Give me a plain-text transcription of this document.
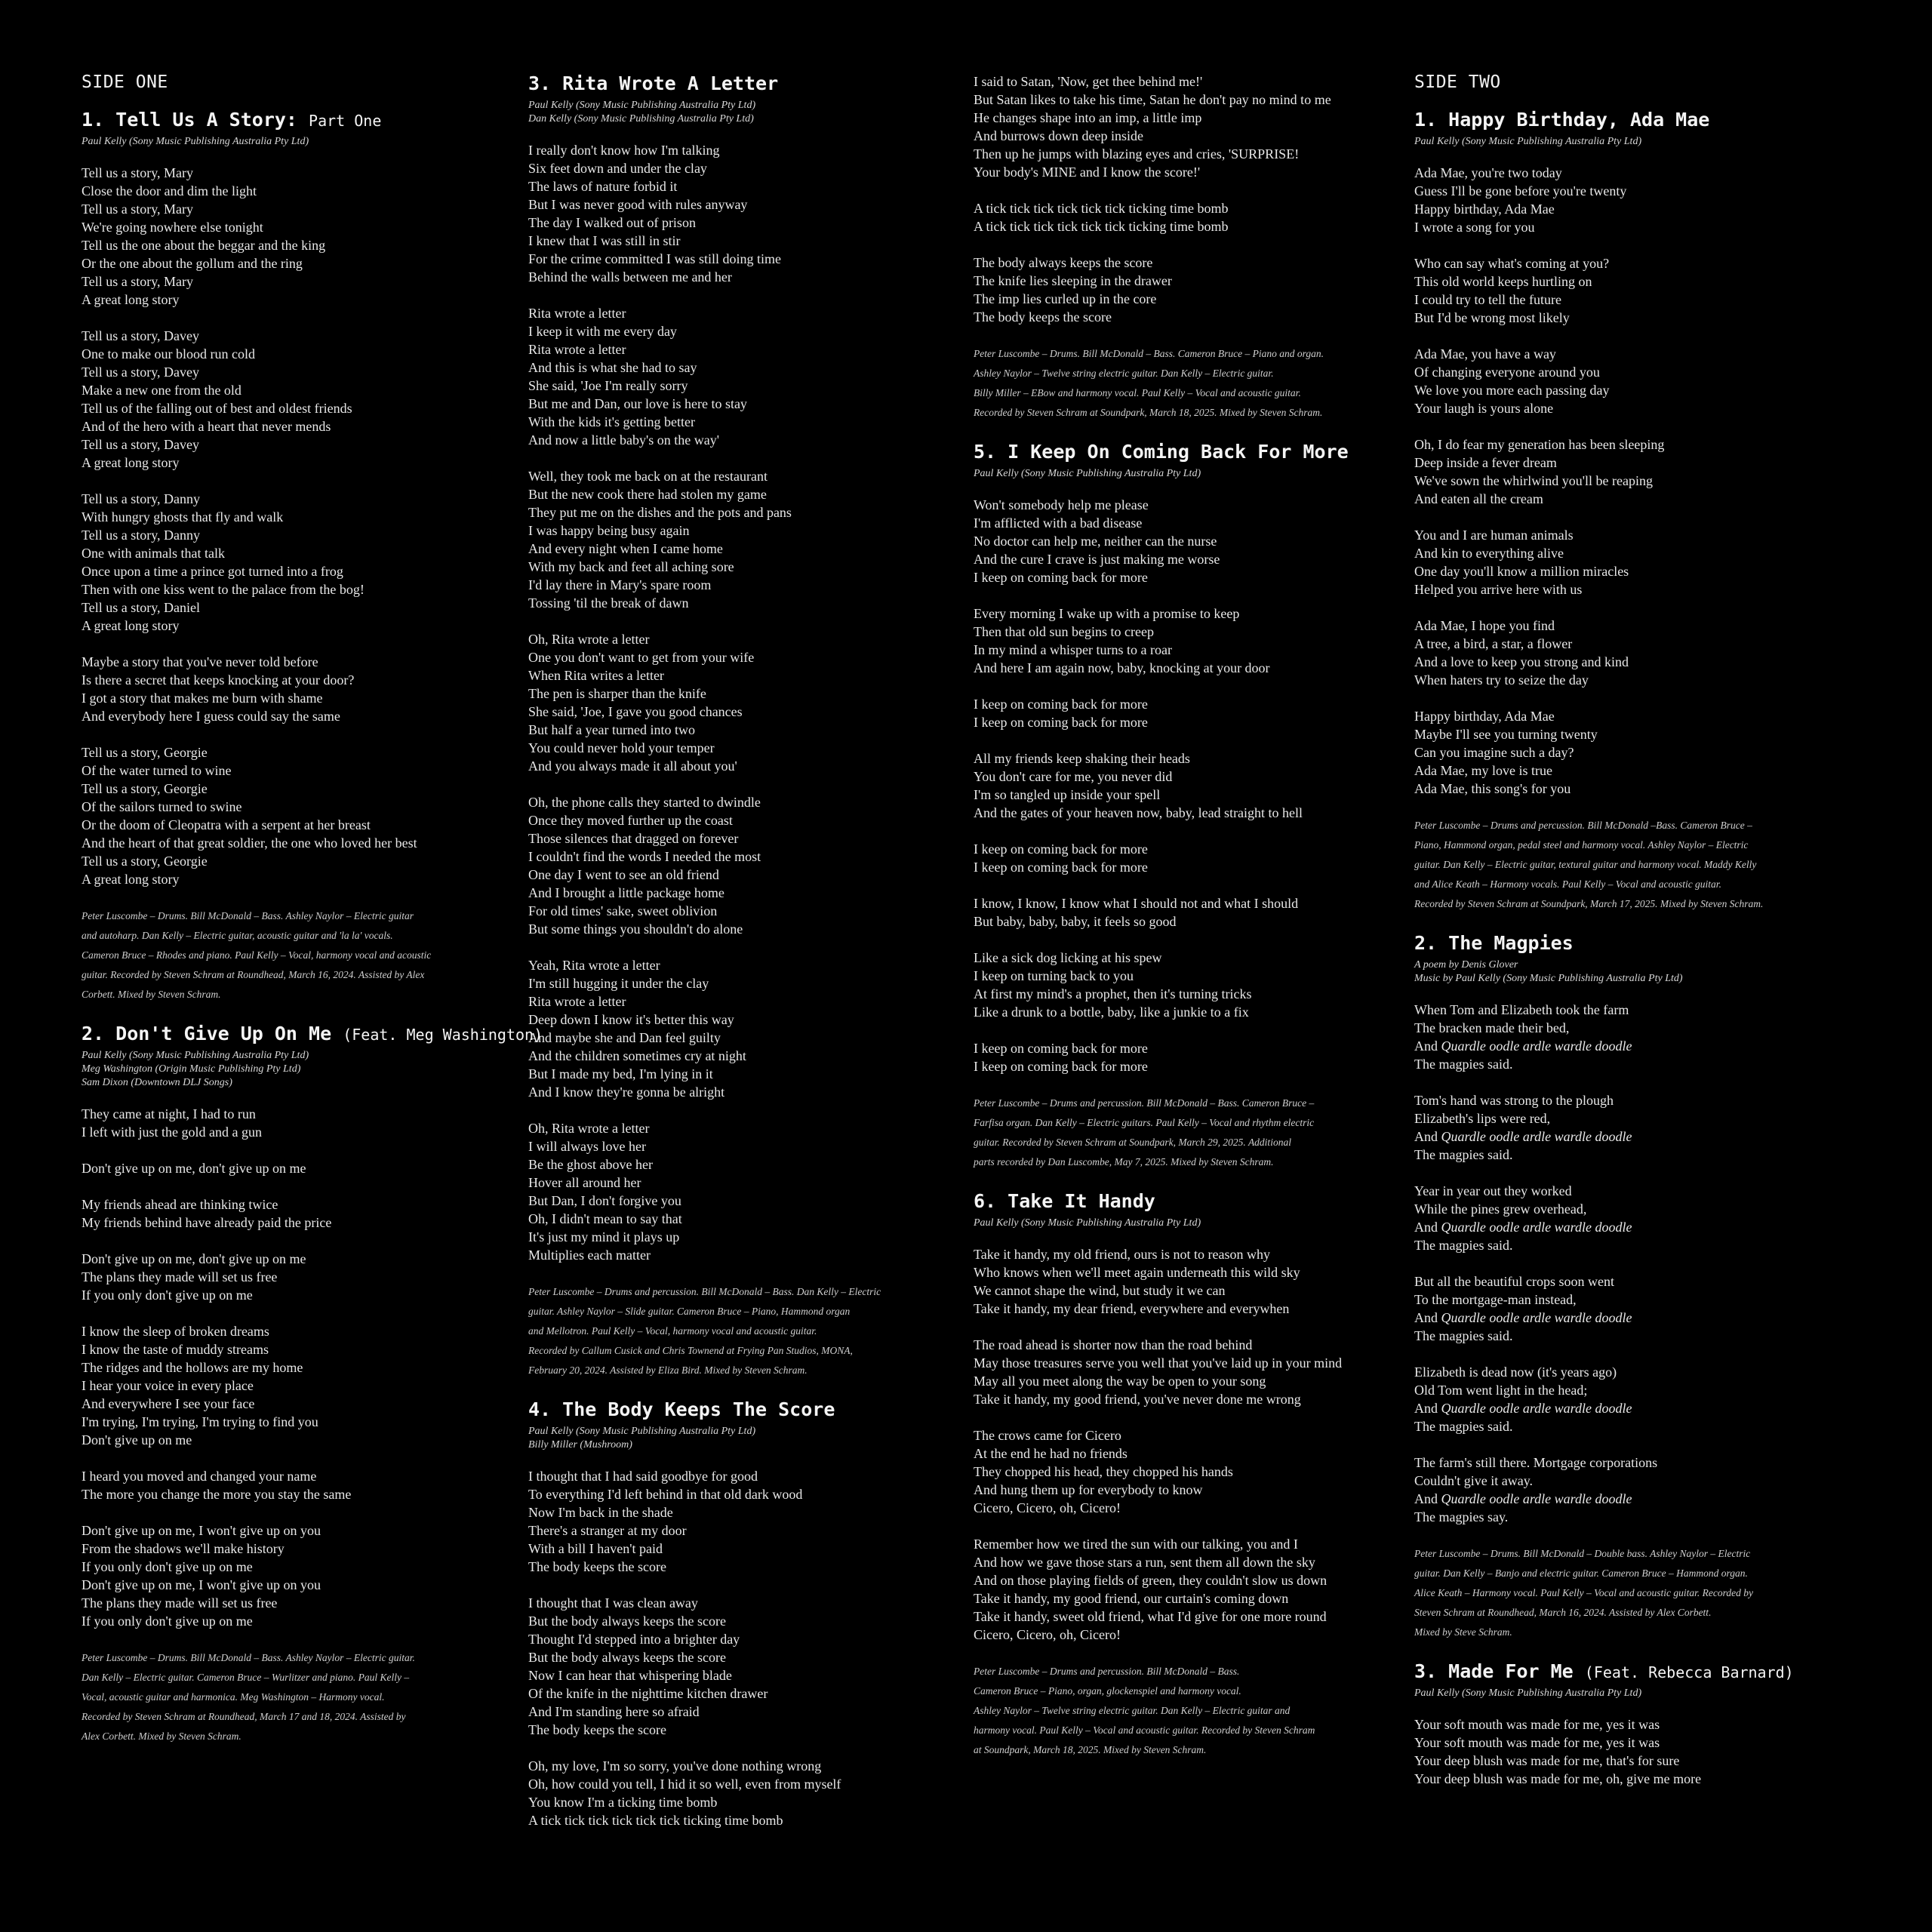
SIDE ONE
1. Tell Us A Story: Part One
Paul Kelly (Sony Music Publishing Australia Pty Ltd)
Tell us a story, Mary
Close the door and dim the light
Tell us a story, Mary
We're going nowhere else tonight
Tell us the one about the beggar and the king
Or the one about the gollum and the ring
Tell us a story, Mary
A great long story
Tell us a story, Davey
One to make our blood run cold
Tell us a story, Davey
Make a new one from the old
Tell us of the falling out of best and oldest friends
And of the hero with a heart that never mends
Tell us a story, Davey
A great long story
Tell us a story, Danny
With hungry ghosts that fly and walk
Tell us a story, Danny
One with animals that talk
Once upon a time a prince got turned into a frog
Then with one kiss went to the palace from the bog!
Tell us a story, Daniel
A great long story
Maybe a story that you've never told before
Is there a secret that keeps knocking at your door?
I got a story that makes me burn with shame
And everybody here I guess could say the same
Tell us a story, Georgie
Of the water turned to wine
Tell us a story, Georgie
Of the sailors turned to swine
Or the doom of Cleopatra with a serpent at her breast
And the heart of that great soldier, the one who loved her best
Tell us a story, Georgie
A great long story
Peter Luscombe – Drums. Bill McDonald – Bass. Ashley Naylor – Electric guitar
and autoharp. Dan Kelly – Electric guitar, acoustic guitar and 'la la' vocals.
Cameron Bruce – Rhodes and piano. Paul Kelly – Vocal, harmony vocal and acoustic
guitar. Recorded by Steven Schram at Roundhead, March 16, 2024. Assisted by Alex
Corbett. Mixed by Steven Schram.
2. Don't Give Up On Me (Feat. Meg Washington)
Paul Kelly (Sony Music Publishing Australia Pty Ltd)
Meg Washington (Origin Music Publishing Pty Ltd)
Sam Dixon (Downtown DLJ Songs)
They came at night, I had to run
I left with just the gold and a gun
Don't give up on me, don't give up on me
My friends ahead are thinking twice
My friends behind have already paid the price
Don't give up on me, don't give up on me
The plans they made will set us free
If you only don't give up on me
I know the sleep of broken dreams
I know the taste of muddy streams
The ridges and the hollows are my home
I hear your voice in every place
And everywhere I see your face
I'm trying, I'm trying, I'm trying to find you
Don't give up on me
I heard you moved and changed your name
The more you change the more you stay the same
Don't give up on me, I won't give up on you
From the shadows we'll make history
If you only don't give up on me
Don't give up on me, I won't give up on you
The plans they made will set us free
If you only don't give up on me
Peter Luscombe – Drums. Bill McDonald – Bass. Ashley Naylor – Electric guitar.
Dan Kelly – Electric guitar. Cameron Bruce – Wurlitzer and piano. Paul Kelly –
Vocal, acoustic guitar and harmonica. Meg Washington – Harmony vocal.
Recorded by Steven Schram at Roundhead, March 17 and 18, 2024. Assisted by
Alex Corbett. Mixed by Steven Schram.
3. Rita Wrote A Letter
Paul Kelly (Sony Music Publishing Australia Pty Ltd)
Dan Kelly (Sony Music Publishing Australia Pty Ltd)
I really don't know how I'm talking
Six feet down and under the clay
The laws of nature forbid it
But I was never good with rules anyway
The day I walked out of prison
I knew that I was still in stir
For the crime committed I was still doing time
Behind the walls between me and her
Rita wrote a letter
I keep it with me every day
Rita wrote a letter
And this is what she had to say
She said, 'Joe I'm really sorry
But me and Dan, our love is here to stay
With the kids it's getting better
And now a little baby's on the way'
Well, they took me back on at the restaurant
But the new cook there had stolen my game
They put me on the dishes and the pots and pans
I was happy being busy again
And every night when I came home
With my back and feet all aching sore
I'd lay there in Mary's spare room
Tossing 'til the break of dawn
Oh, Rita wrote a letter
One you don't want to get from your wife
When Rita writes a letter
The pen is sharper than the knife
She said, 'Joe, I gave you good chances
But half a year turned into two
You could never hold your temper
And you always made it all about you'
Oh, the phone calls they started to dwindle
Once they moved further up the coast
Those silences that dragged on forever
I couldn't find the words I needed the most
One day I went to see an old friend
And I brought a little package home
For old times' sake, sweet oblivion
But some things you shouldn't do alone
Yeah, Rita wrote a letter
I'm still hugging it under the clay
Rita wrote a letter
Deep down I know it's better this way
And maybe she and Dan feel guilty
And the children sometimes cry at night
But I made my bed, I'm lying in it
And I know they're gonna be alright
Oh, Rita wrote a letter
I will always love her
Be the ghost above her
Hover all around her
But Dan, I don't forgive you
Oh, I didn't mean to say that
It's just my mind it plays up
Multiplies each matter
Peter Luscombe – Drums and percussion. Bill McDonald – Bass. Dan Kelly – Electric
guitar. Ashley Naylor – Slide guitar. Cameron Bruce – Piano, Hammond organ
and Mellotron. Paul Kelly – Vocal, harmony vocal and acoustic guitar.
Recorded by Callum Cusick and Chris Townend at Frying Pan Studios, MONA,
February 20, 2024. Assisted by Eliza Bird. Mixed by Steven Schram.
4. The Body Keeps The Score
Paul Kelly (Sony Music Publishing Australia Pty Ltd)
Billy Miller (Mushroom)
I thought that I had said goodbye for good
To everything I'd left behind in that old dark wood
Now I'm back in the shade
There's a stranger at my door
With a bill I haven't paid
The body keeps the score
I thought that I was clean away
But the body always keeps the score
Thought I'd stepped into a brighter day
But the body always keeps the score
Now I can hear that whispering blade
Of the knife in the nighttime kitchen drawer
And I'm standing here so afraid
The body keeps the score
Oh, my love, I'm so sorry, you've done nothing wrong
Oh, how could you tell, I hid it so well, even from myself
You know I'm a ticking time bomb
A tick tick tick tick tick tick ticking time bomb
I said to Satan, 'Now, get thee behind me!'
But Satan likes to take his time, Satan he don't pay no mind to me
He changes shape into an imp, a little imp
And burrows down deep inside
Then up he jumps with blazing eyes and cries, 'SURPRISE!
Your body's MINE and I know the score!'
A tick tick tick tick tick tick ticking time bomb
A tick tick tick tick tick tick ticking time bomb
The body always keeps the score
The knife lies sleeping in the drawer
The imp lies curled up in the core
The body keeps the score
Peter Luscombe – Drums. Bill McDonald – Bass. Cameron Bruce – Piano and organ.
Ashley Naylor – Twelve string electric guitar. Dan Kelly – Electric guitar.
Billy Miller – EBow and harmony vocal. Paul Kelly – Vocal and acoustic guitar.
Recorded by Steven Schram at Soundpark, March 18, 2025. Mixed by Steven Schram.
5. I Keep On Coming Back For More
Paul Kelly (Sony Music Publishing Australia Pty Ltd)
Won't somebody help me please
I'm afflicted with a bad disease
No doctor can help me, neither can the nurse
And the cure I crave is just making me worse
I keep on coming back for more
Every morning I wake up with a promise to keep
Then that old sun begins to creep
In my mind a whisper turns to a roar
And here I am again now, baby, knocking at your door
I keep on coming back for more
I keep on coming back for more
All my friends keep shaking their heads
You don't care for me, you never did
I'm so tangled up inside your spell
And the gates of your heaven now, baby, lead straight to hell
I keep on coming back for more
I keep on coming back for more
I know, I know, I know what I should not and what I should
But baby, baby, baby, it feels so good
Like a sick dog licking at his spew
I keep on turning back to you
At first my mind's a prophet, then it's turning tricks
Like a drunk to a bottle, baby, like a junkie to a fix
I keep on coming back for more
I keep on coming back for more
Peter Luscombe – Drums and percussion. Bill McDonald – Bass. Cameron Bruce –
Farfisa organ. Dan Kelly – Electric guitars. Paul Kelly – Vocal and rhythm electric
guitar. Recorded by Steven Schram at Soundpark, March 29, 2025. Additional
parts recorded by Dan Luscombe, May 7, 2025. Mixed by Steven Schram.
6. Take It Handy
Paul Kelly (Sony Music Publishing Australia Pty Ltd)
Take it handy, my old friend, ours is not to reason why
Who knows when we'll meet again underneath this wild sky
We cannot shape the wind, but study it we can
Take it handy, my dear friend, everywhere and everywhen
The road ahead is shorter now than the road behind
May those treasures serve you well that you've laid up in your mind
May all you meet along the way be open to your song
Take it handy, my good friend, you've never done me wrong
The crows came for Cicero
At the end he had no friends
They chopped his head, they chopped his hands
And hung them up for everybody to know
Cicero, Cicero, oh, Cicero!
Remember how we tired the sun with our talking, you and I
And how we gave those stars a run, sent them all down the sky
And on those playing fields of green, they couldn't slow us down
Take it handy, my good friend, our curtain's coming down
Take it handy, sweet old friend, what I'd give for one more round
Cicero, Cicero, oh, Cicero!
Peter Luscombe – Drums and percussion. Bill McDonald – Bass.
Cameron Bruce – Piano, organ, glockenspiel and harmony vocal.
Ashley Naylor – Twelve string electric guitar. Dan Kelly – Electric guitar and
harmony vocal. Paul Kelly – Vocal and acoustic guitar. Recorded by Steven Schram
at Soundpark, March 18, 2025. Mixed by Steven Schram.
SIDE TWO
1. Happy Birthday, Ada Mae
Paul Kelly (Sony Music Publishing Australia Pty Ltd)
Ada Mae, you're two today
Guess I'll be gone before you're twenty
Happy birthday, Ada Mae
I wrote a song for you
Who can say what's coming at you?
This old world keeps hurtling on
I could try to tell the future
But I'd be wrong most likely
Ada Mae, you have a way
Of changing everyone around you
We love you more each passing day
Your laugh is yours alone
Oh, I do fear my generation has been sleeping
Deep inside a fever dream
We've sown the whirlwind you'll be reaping
And eaten all the cream
You and I are human animals
And kin to everything alive
One day you'll know a million miracles
Helped you arrive here with us
Ada Mae, I hope you find
A tree, a bird, a star, a flower
And a love to keep you strong and kind
When haters try to seize the day
Happy birthday, Ada Mae
Maybe I'll see you turning twenty
Can you imagine such a day?
Ada Mae, my love is true
Ada Mae, this song's for you
Peter Luscombe – Drums and percussion. Bill McDonald –Bass. Cameron Bruce –
Piano, Hammond organ, pedal steel and harmony vocal. Ashley Naylor – Electric
guitar. Dan Kelly – Electric guitar, textural guitar and harmony vocal. Maddy Kelly
and Alice Keath – Harmony vocals. Paul Kelly – Vocal and acoustic guitar.
Recorded by Steven Schram at Soundpark, March 17, 2025. Mixed by Steven Schram.
2. The Magpies
A poem by Denis Glover
Music by Paul Kelly (Sony Music Publishing Australia Pty Ltd)
When Tom and Elizabeth took the farm
The bracken made their bed,
And Quardle oodle ardle wardle doodle
The magpies said.
Tom's hand was strong to the plough
Elizabeth's lips were red,
And Quardle oodle ardle wardle doodle
The magpies said.
Year in year out they worked
While the pines grew overhead,
And Quardle oodle ardle wardle doodle
The magpies said.
But all the beautiful crops soon went
To the mortgage-man instead,
And Quardle oodle ardle wardle doodle
The magpies said.
Elizabeth is dead now (it's years ago)
Old Tom went light in the head;
And Quardle oodle ardle wardle doodle
The magpies said.
The farm's still there. Mortgage corporations
Couldn't give it away.
And Quardle oodle ardle wardle doodle
The magpies say.
Peter Luscombe – Drums. Bill McDonald – Double bass. Ashley Naylor – Electric
guitar. Dan Kelly – Banjo and electric guitar. Cameron Bruce – Hammond organ.
Alice Keath – Harmony vocal. Paul Kelly – Vocal and acoustic guitar. Recorded by
Steven Schram at Roundhead, March 16, 2024. Assisted by Alex Corbett.
Mixed by Steve Schram.
3. Made For Me (Feat. Rebecca Barnard)
Paul Kelly (Sony Music Publishing Australia Pty Ltd)
Your soft mouth was made for me, yes it was
Your soft mouth was made for me, yes it was
Your deep blush was made for me, that's for sure
Your deep blush was made for me, oh, give me more
